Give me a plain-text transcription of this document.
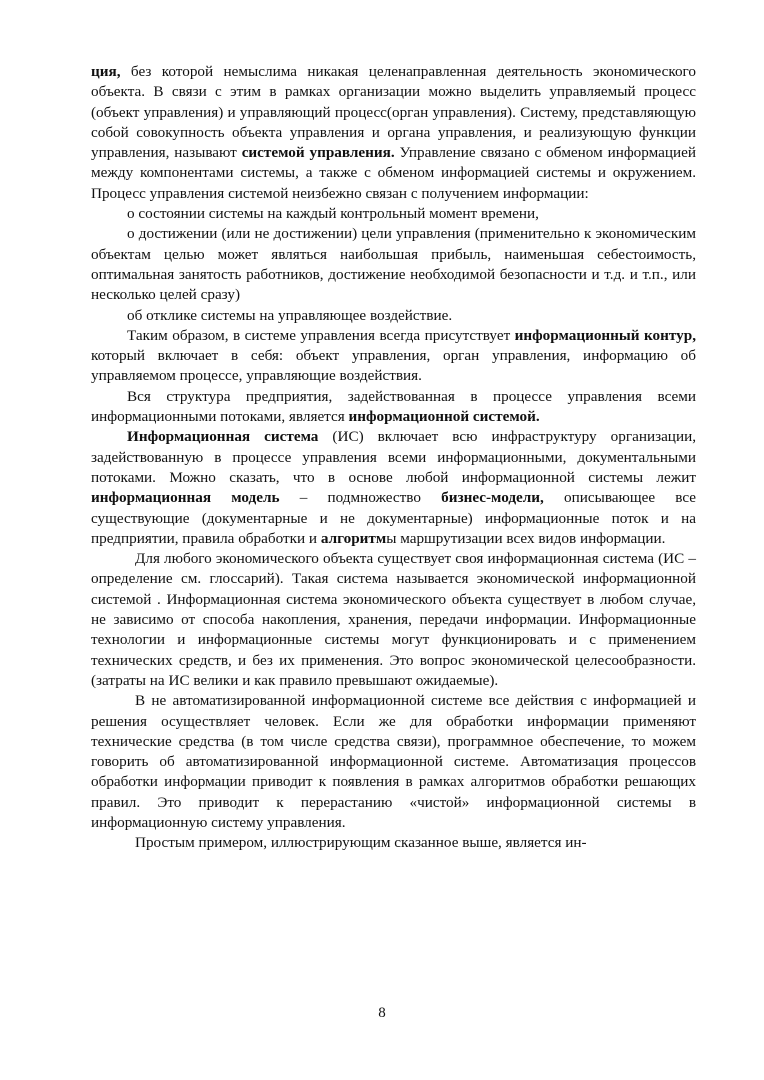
ция, без которой немыслима никакая целенаправленная деятельность экономического объекта. В связи с этим в рамках организации можно выделить управляемый процесс (объект управления) и управляющий процесс(орган управления). Систему, представляющую собой совокупность объекта управления и органа управления, и реализующую функции управления, называют системой управления. Управление связано с обменом информацией между компонентами системы, а также с обменом информацией системы и окружением. Процесс управления системой неизбежно связан с получением информации:

о состоянии системы на каждый контрольный момент времени,

о достижении (или не достижении) цели управления (применительно к экономическим объектам целью может являться наибольшая прибыль, наименьшая себестоимость, оптимальная занятость работников, достижение необходимой безопасности и т.д. и т.п., или несколько целей сразу)

об отклике системы на управляющее воздействие.

Таким образом, в системе управления всегда присутствует информационный контур, который включает в себя: объект управления, орган управления, информацию об управляемом процессе, управляющие воздействия.

Вся структура предприятия, задействованная в процессе управления всеми информационными потоками, является информационной системой.

Информационная система (ИС) включает всю инфраструктуру организации, задействованную в процессе управления всеми информационными, документальными потоками. Можно сказать, что в основе любой информационной системы лежит информационная модель – подмножество бизнес-модели, описывающее все существующие (документарные и не документарные) информационные поток и на предприятии, правила обработки и алгоритмы маршрутизации всех видов информации.

Для любого экономического объекта существует своя информационная система (ИС – определение см. глоссарий). Такая система называется экономической информационной системой . Информационная система экономического объекта существует в любом случае, не зависимо от способа накопления, хранения, передачи информации. Информационные технологии и информационные системы могут функционировать и с применением технических средств, и без их применения. Это вопрос экономической целесообразности. (затраты на ИС велики и как правило превышают ожидаемые).

В не автоматизированной информационной системе все действия с информацией и решения осуществляет человек. Если же для обработки информации применяют технические средства (в том числе средства связи), программное обеспечение, то можем говорить об автоматизированной информационной системе. Автоматизация процессов обработки информации приводит к появления в рамках алгоритмов обработки решающих правил. Это приводит к перерастанию «чистой» информационной системы в информационную систему управления.

Простым примером, иллюстрирующим сказанное выше, является ин-

8
